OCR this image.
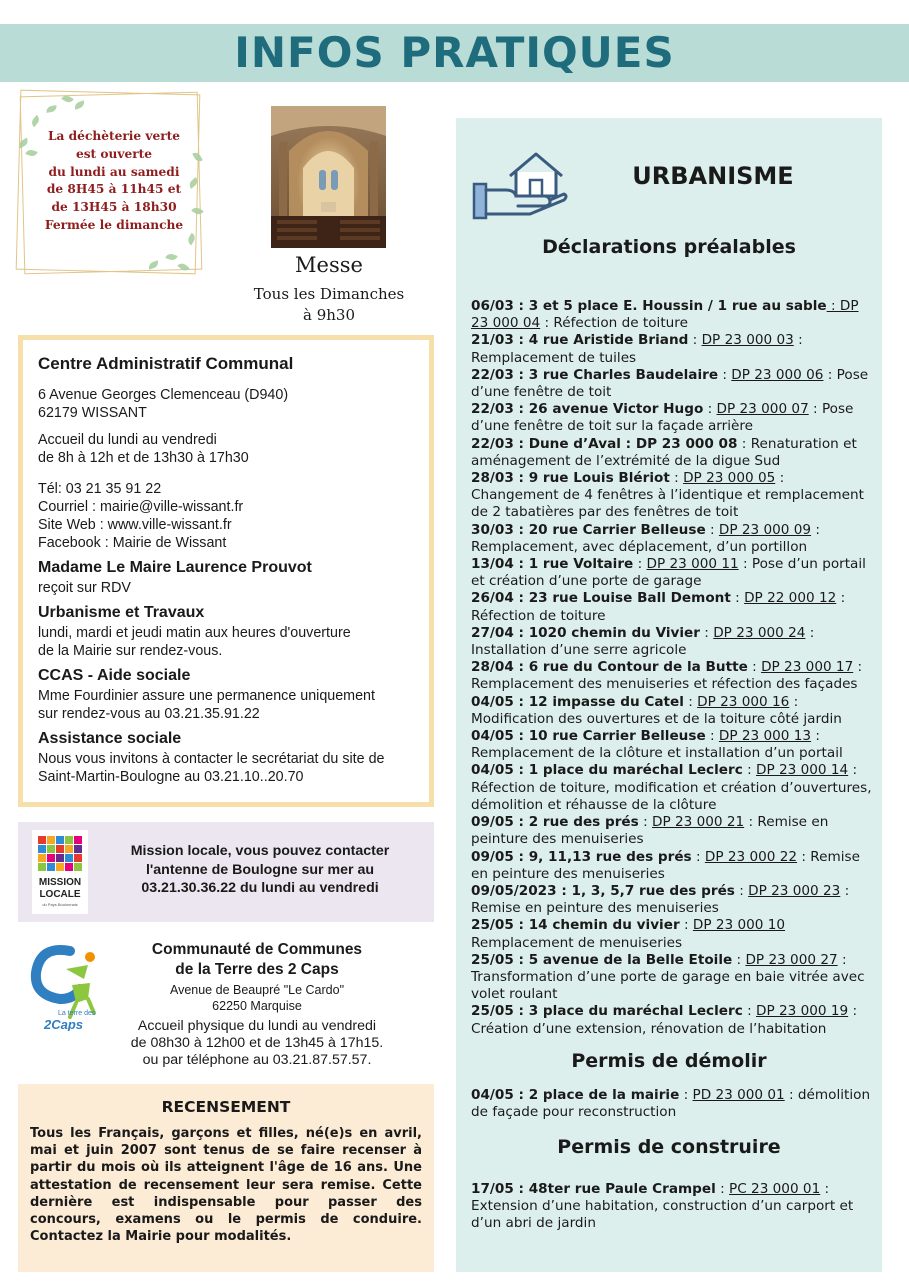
INFOS PRATIQUES
La déchèterie verte
est ouverte
du lundi au samedi
de 8H45 à 11h45 et
de 13H45 à 18h30
Fermée le dimanche
Messe
Tous les Dimanches
à 9h30
Centre Administratif Communal
6 Avenue Georges Clemenceau (D940)
62179 WISSANT
Accueil du lundi au vendredi
de 8h à 12h et de 13h30 à 17h30
Tél: 03 21 35 91 22
Courriel : mairie@ville-wissant.fr
Site Web : www.ville-wissant.fr
Facebook : Mairie de Wissant
Madame Le Maire Laurence Prouvot
reçoit sur RDV
Urbanisme et Travaux
lundi, mardi et jeudi matin aux heures d'ouverture
de la Mairie sur rendez-vous.
CCAS - Aide sociale
Mme Fourdinier assure une permanence uniquement
sur rendez-vous au 03.21.35.91.22
Assistance sociale
Nous vous invitons à contacter le secrétariat du site de
Saint-Martin-Boulogne au 03.21.10..20.70
MISSION
LOCALE
du Pays Boulonnais
Mission locale, vous pouvez contacter
l'antenne de Boulogne sur mer au
03.21.30.36.22 du lundi au vendredi
La terre des
2Caps
Communauté de Communes
de la Terre des 2 Caps
Avenue de Beaupré "Le Cardo"
62250 Marquise
Accueil physique du lundi au vendredi
de 08h30 à 12h00 et de 13h45 à 17h15.
ou par téléphone au 03.21.87.57.57.
RECENSEMENT

Tous les Français, garçons et filles, né(e)s en avril, mai et juin 2007 sont tenus de se faire recenser à partir du mois où ils atteignent l'âge de 16 ans. Une attestation de recensement leur sera remise. Cette dernière est indispensable pour passer des concours, examens ou le permis de conduire. Contactez la Mairie pour modalités.

URBANISME
Déclarations préalables
06/03 : 3 et 5 place E. Houssin / 1 rue au sable : DP 23 000 04 : Réfection de toiture
21/03 : 4 rue Aristide Briand : DP 23 000 03 : Remplacement de tuiles
22/03 : 3 rue Charles Baudelaire : DP 23 000 06 : Pose d’une fenêtre de toit
22/03 : 26 avenue Victor Hugo : DP 23 000 07 : Pose d’une fenêtre de toit sur la façade arrière
22/03 : Dune d’Aval : DP 23 000 08 : Renaturation et aménagement de l’extrémité de la digue Sud
28/03 : 9 rue Louis Blériot : DP 23 000 05 : Changement de 4 fenêtres à l’identique et remplacement de 2 tabatières par des fenêtres de toit
30/03 : 20 rue Carrier Belleuse : DP 23 000 09 : Remplacement, avec déplacement, d’un portillon
13/04 : 1 rue Voltaire : DP 23 000 11 : Pose d’un portail et création d’une porte de garage
26/04 : 23 rue Louise Ball Demont : DP 22 000 12 : Réfection de toiture
27/04 : 1020 chemin du Vivier : DP 23 000 24 : Installation d’une serre agricole
28/04 : 6 rue du Contour de la Butte : DP 23 000 17 : Remplacement des menuiseries et réfection des façades
04/05 : 12 impasse du Catel : DP 23 000 16 : Modification des ouvertures et de la toiture côté jardin
04/05 : 10 rue Carrier Belleuse : DP 23 000 13 : Remplacement de la clôture et installation d’un portail
04/05 : 1 place du maréchal Leclerc : DP 23 000 14 : Réfection de toiture, modification et création d’ouvertures, démolition et réhausse de la clôture
09/05 : 2 rue des prés : DP 23 000 21 : Remise en peinture des menuiseries
09/05 : 9, 11,13 rue des prés : DP 23 000 22 : Remise en peinture des menuiseries
09/05/2023 : 1, 3, 5,7 rue des prés : DP 23 000 23 : Remise en peinture des menuiseries
25/05 : 14 chemin du vivier : DP 23 000 10 Remplacement de menuiseries
25/05 : 5 avenue de la Belle Etoile : DP 23 000 27 : Transformation d’une porte de garage en baie vitrée avec volet roulant
25/05 : 3 place du maréchal Leclerc : DP 23 000 19 : Création d’une extension, rénovation de l’habitation
Permis de démolir
04/05 : 2 place de la mairie : PD 23 000 01 : démolition de façade pour reconstruction
Permis de construire
17/05 : 48ter rue Paule Crampel : PC 23 000 01 : Extension d’une habitation, construction d’un carport et d’un abri de jardin
